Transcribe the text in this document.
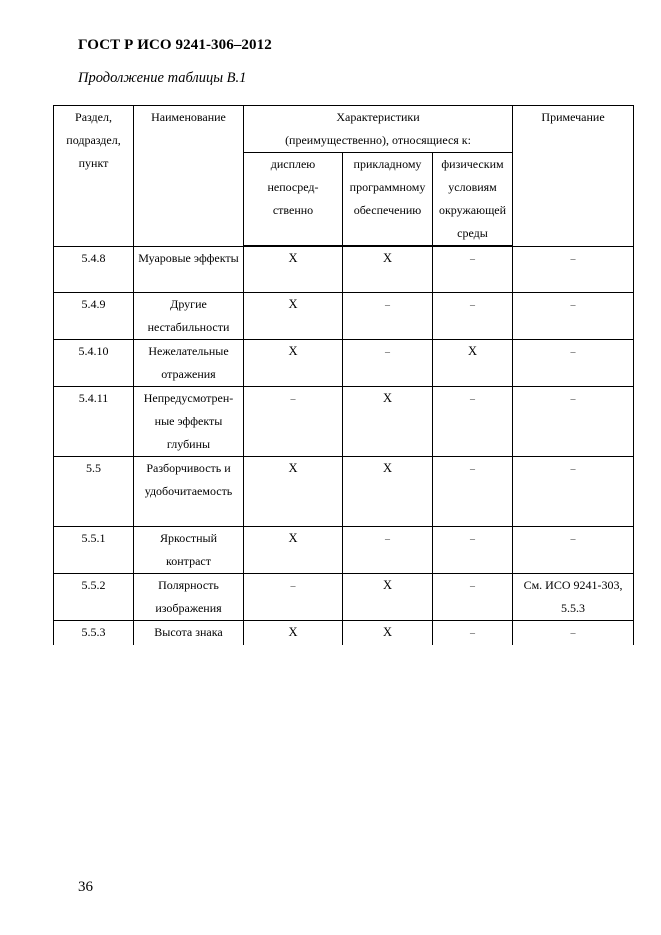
ГОСТ Р ИСО 9241-306–2012
Продолжение таблицы В.1
Раздел, подраздел, пункт	Наименование	Характеристики (преимущественно), относящиеся к:			Примечание

		дисплею непосредственно	прикладному программному обеспечению	физическим условиям окружающей среды	

5.4.8	Муаровые эффекты	X	X	–	–

5.4.9	Другие нестабильности	X	–	–	–

5.4.10	Нежелательные отражения	X	–	X	–

5.4.11	Непредусмотренные эффекты глубины	–	X	–	–

5.5	Разборчивость и удобочитаемость	X	X	–	–

5.5.1	Яркостный контраст	X	–	–	–

5.5.2	Полярность изображения	–	X	–	См. ИСО 9241-303, 5.5.3

5.5.3	Высота знака	X	X	–	–
36
